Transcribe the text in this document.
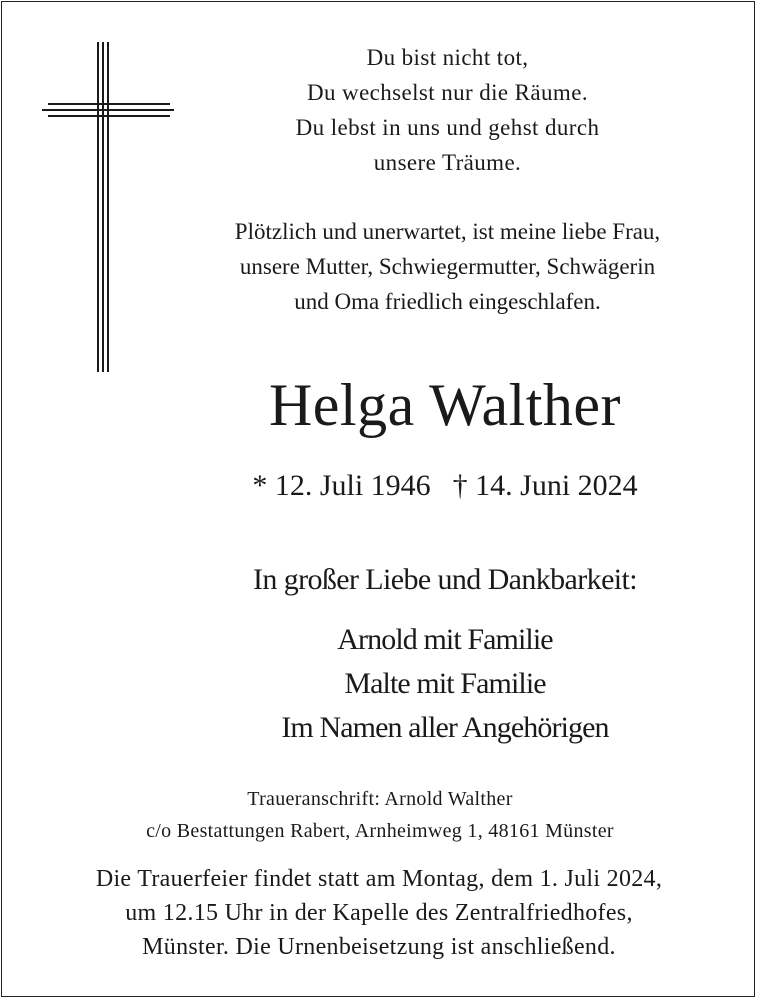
Du bist nicht tot,
Du wechselst nur die Räume.
Du lebst in uns und gehst durch
unsere Träume.
Plötzlich und unerwartet, ist meine liebe Frau,
unsere Mutter, Schwiegermutter, Schwägerin
und Oma friedlich eingeschlafen.
Helga Walther
* 12. Juli 1946 † 14. Juni 2024
In großer Liebe und Dankbarkeit:
Arnold mit Familie
Malte mit Familie
Im Namen aller Angehörigen
Traueranschrift: Arnold Walther
c/o Bestattungen Rabert, Arnheimweg 1, 48161 Münster
Die Trauerfeier findet statt am Montag, dem 1. Juli 2024,
um 12.15 Uhr in der Kapelle des Zentralfriedhofes,
Münster. Die Urnenbeisetzung ist anschließend.
